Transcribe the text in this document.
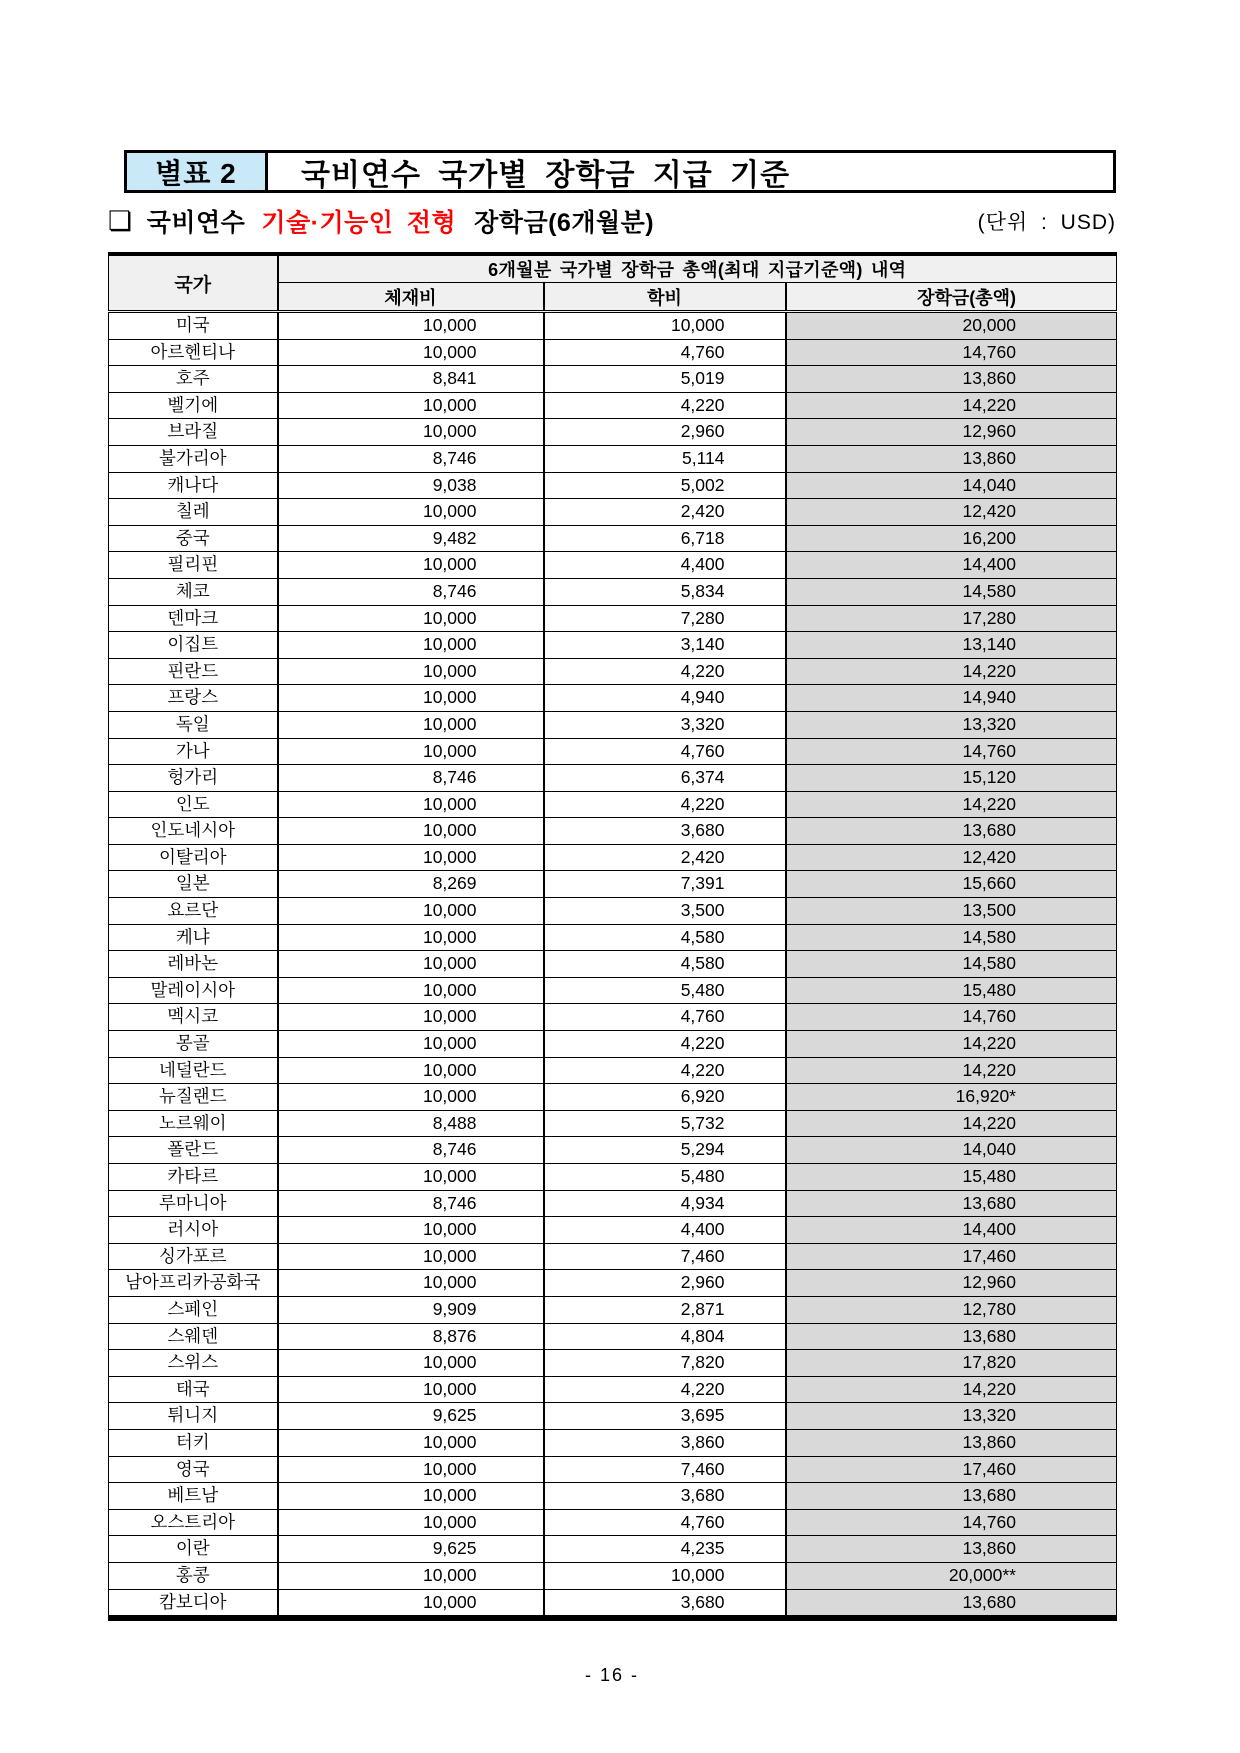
별표 2	국비연수 국가별 장학금 지급 기준
❏ 국비연수 기술·기능인 전형 장학금(6개월분)	(단위 : USD)
국가	6개월분 국가별 장학금 총액(최대 지급기준액) 내역		
	체재비	학비	장학금(총액)
미국	10,000	10,000	20,000
아르헨티나	10,000	4,760	14,760
호주	8,841	5,019	13,860
벨기에	10,000	4,220	14,220
브라질	10,000	2,960	12,960
불가리아	8,746	5,114	13,860
캐나다	9,038	5,002	14,040
칠레	10,000	2,420	12,420
중국	9,482	6,718	16,200
필리핀	10,000	4,400	14,400
체코	8,746	5,834	14,580
덴마크	10,000	7,280	17,280
이집트	10,000	3,140	13,140
핀란드	10,000	4,220	14,220
프랑스	10,000	4,940	14,940
독일	10,000	3,320	13,320
가나	10,000	4,760	14,760
헝가리	8,746	6,374	15,120
인도	10,000	4,220	14,220
인도네시아	10,000	3,680	13,680
이탈리아	10,000	2,420	12,420
일본	8,269	7,391	15,660
요르단	10,000	3,500	13,500
케냐	10,000	4,580	14,580
레바논	10,000	4,580	14,580
말레이시아	10,000	5,480	15,480
멕시코	10,000	4,760	14,760
몽골	10,000	4,220	14,220
네덜란드	10,000	4,220	14,220
뉴질랜드	10,000	6,920	16,920*
노르웨이	8,488	5,732	14,220
폴란드	8,746	5,294	14,040
카타르	10,000	5,480	15,480
루마니아	8,746	4,934	13,680
러시아	10,000	4,400	14,400
싱가포르	10,000	7,460	17,460
남아프리카공화국	10,000	2,960	12,960
스페인	9,909	2,871	12,780
스웨덴	8,876	4,804	13,680
스위스	10,000	7,820	17,820
태국	10,000	4,220	14,220
튀니지	9,625	3,695	13,320
터키	10,000	3,860	13,860
영국	10,000	7,460	17,460
베트남	10,000	3,680	13,680
오스트리아	10,000	4,760	14,760
이란	9,625	4,235	13,860
홍콩	10,000	10,000	20,000**
캄보디아	10,000	3,680	13,680
- 16 -
